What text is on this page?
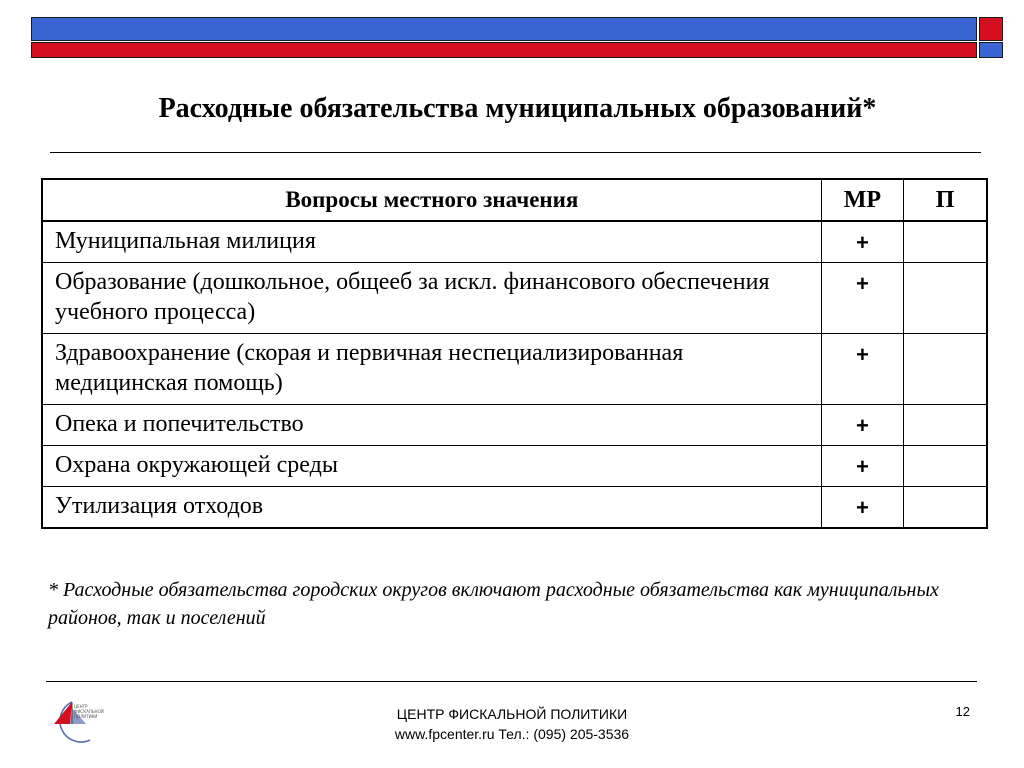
Расходные обязательства муниципальных образований*
Вопросы местного значения	МР	П
Муниципальная милиция	+	
Образование (дошкольное, общееб за искл. финансового обеспечения учебного процесса)	+	
Здравоохранение (скорая и первичная неспециализированная медицинская помощь)	+	
Опека и попечительство	+	
Охрана окружающей среды	+	
Утилизация отходов	+	
* Расходные обязательства городских округов включают расходные обязательства как муниципальных районов, так и поселений
ЦЕНТР
ФИСКАЛЬНОЙ
ПОЛИТИКИ	ЦЕНТР ФИСКАЛЬНОЙ ПОЛИТИКИ
www.fpcenter.ru Тел.: (095) 205-3536
12
